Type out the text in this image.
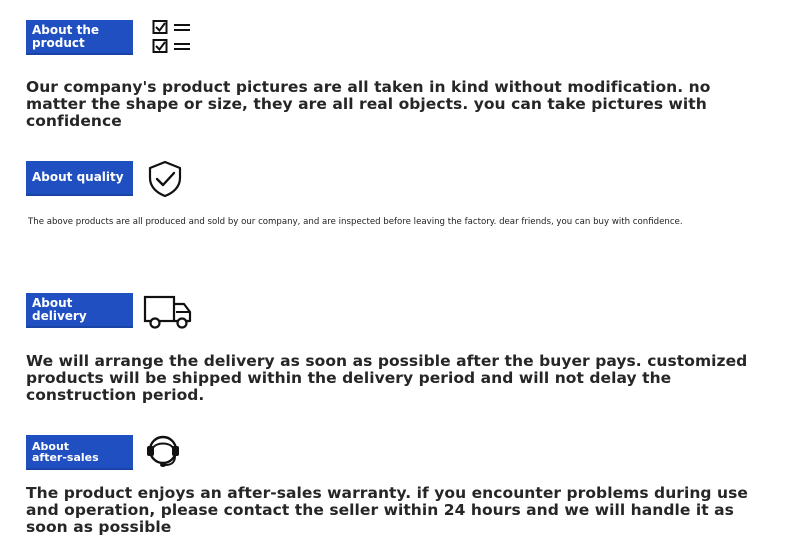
About the
product

Our company's product pictures are all taken in kind without modification. no matter the shape or size, they are all real objects. you can take pictures with confidence

About quality

The above products are all produced and sold by our company, and are inspected before leaving the factory. dear friends, you can buy with confidence.

About delivery

We will arrange the delivery as soon as possible after the buyer pays. customized products will be shipped within the delivery period and will not delay the construction period.

About
after-sales

The product enjoys an after-sales warranty. if you encounter problems during use and operation, please contact the seller within 24 hours and we will handle it as soon as possible
